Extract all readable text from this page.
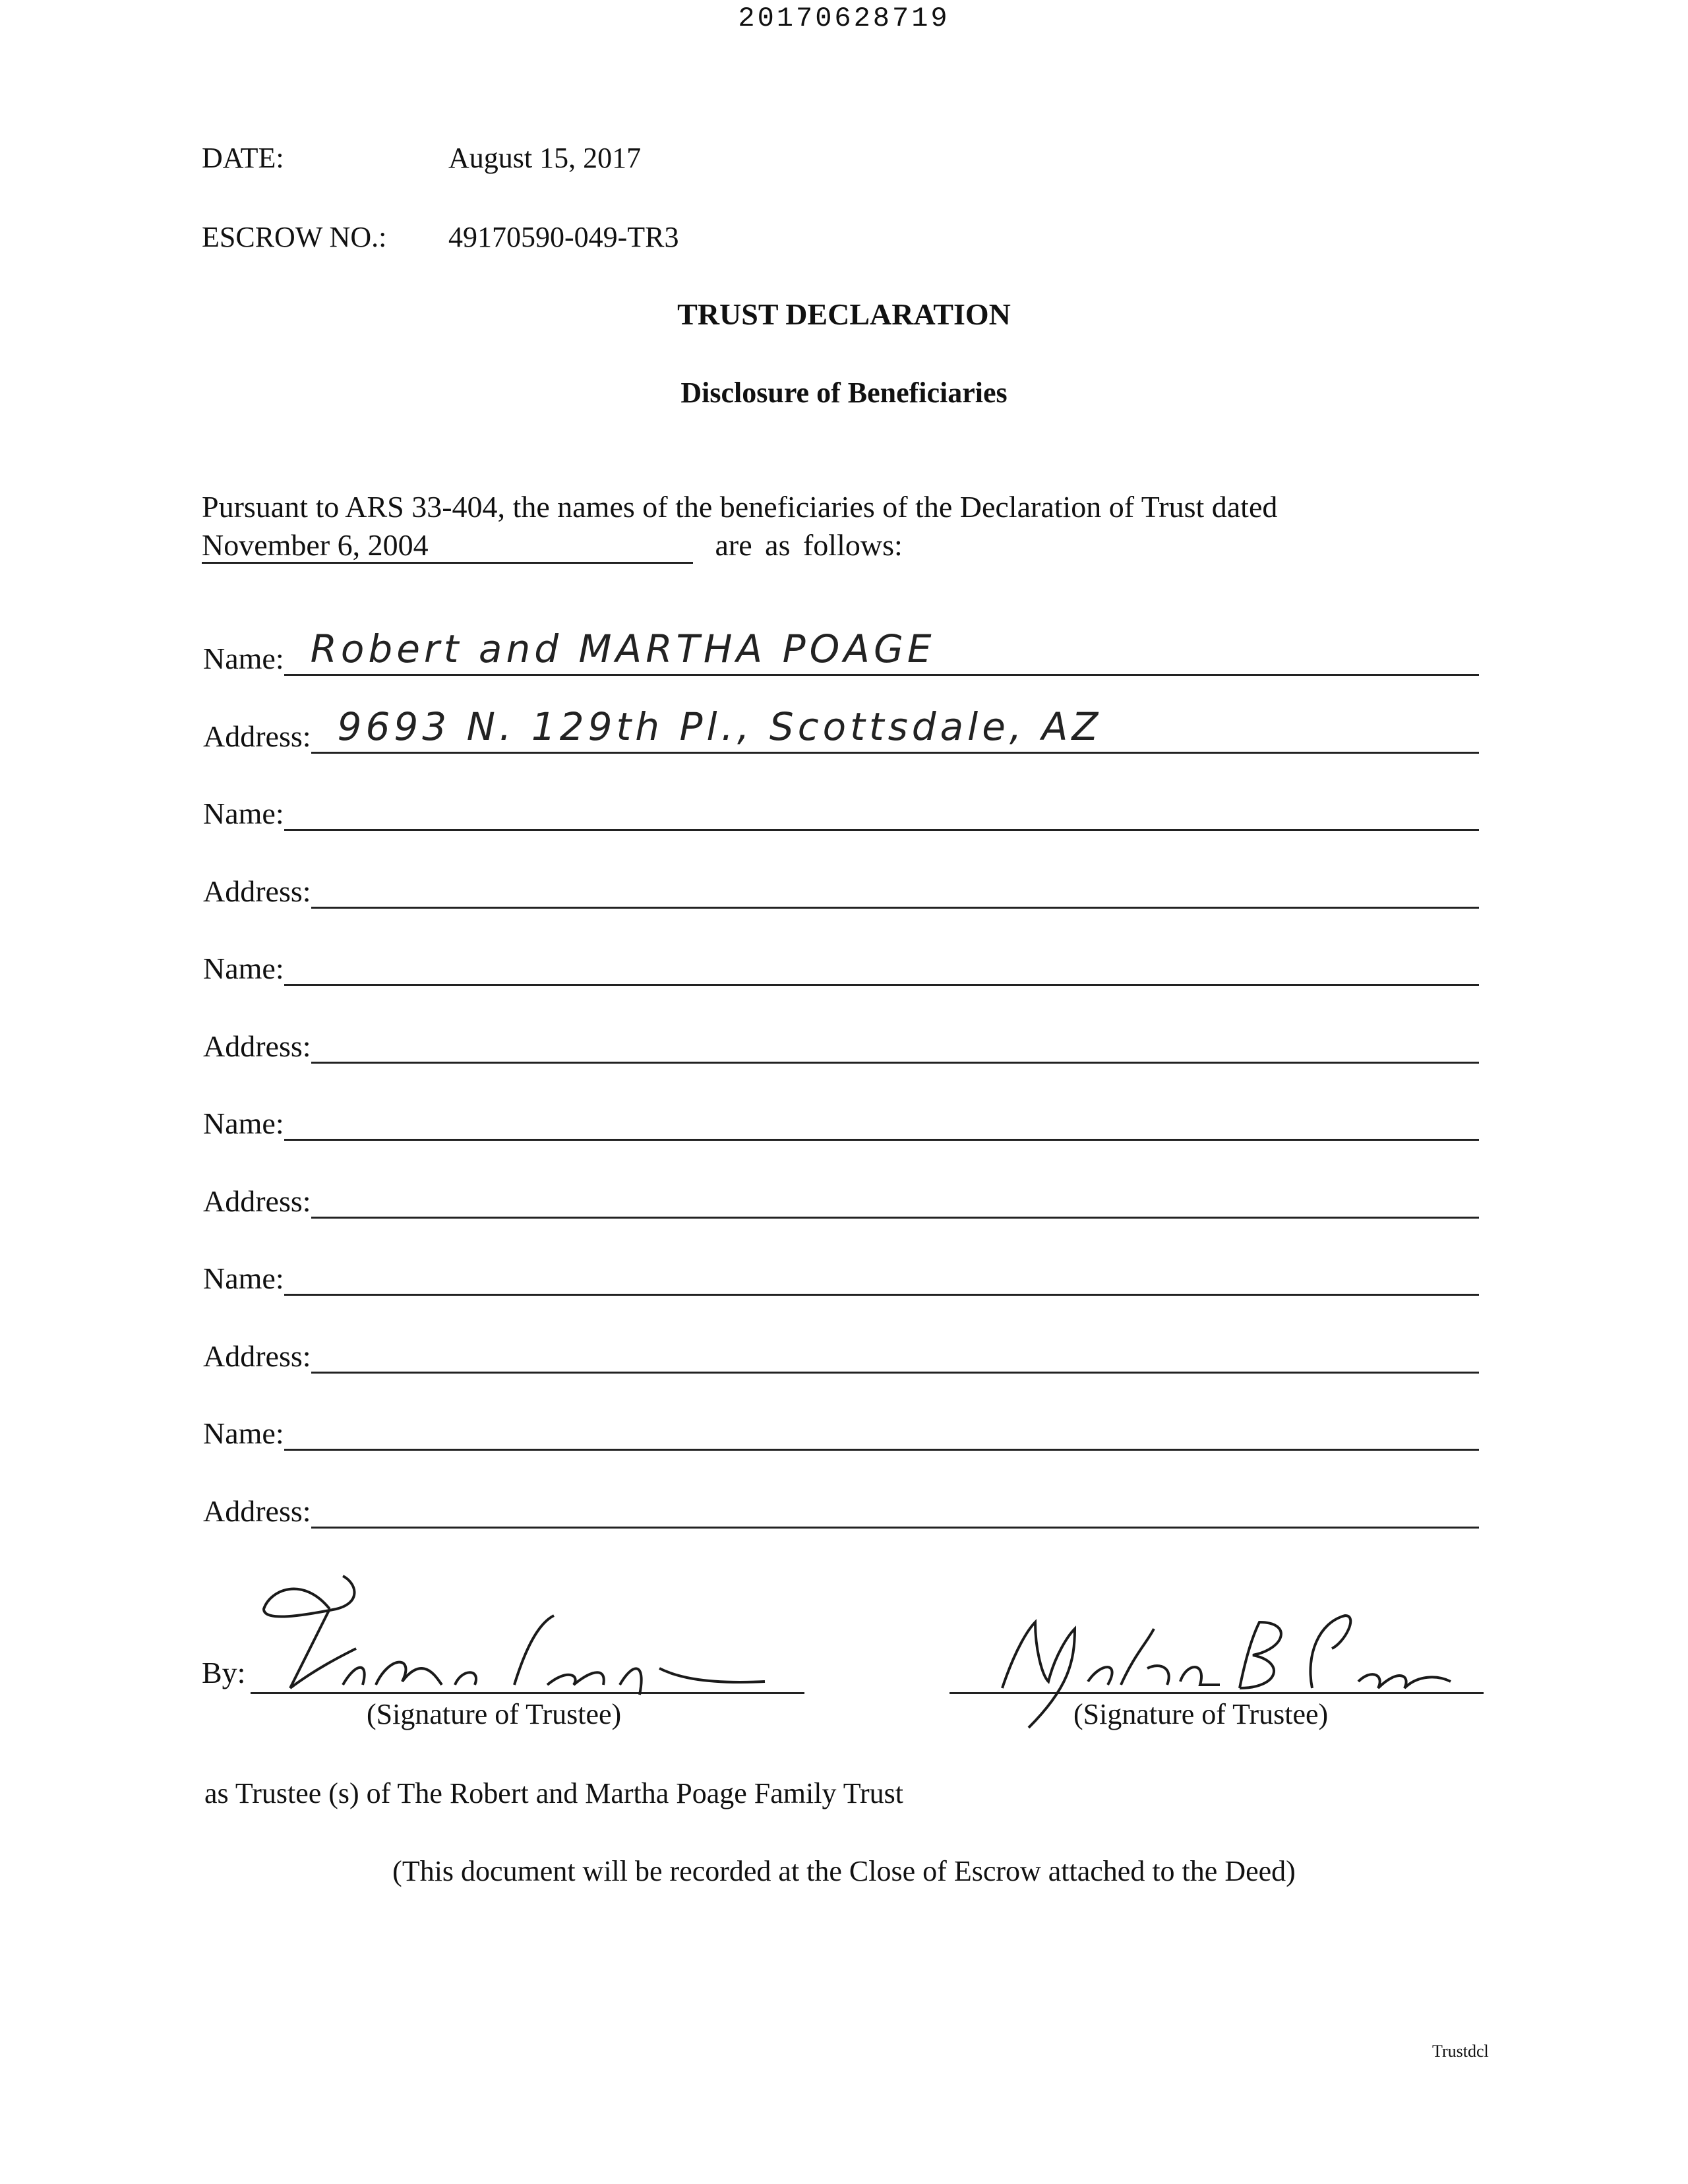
20170628719
DATE:	August 15, 2017
ESCROW NO.: 49170590-049-TR3
TRUST DECLARATION
Disclosure of Beneficiaries
Pursuant to ARS 33-404, the names of the beneficiaries of the Declaration of Trust dated
November 6, 2004	are as follows:
Name: Robert and MARTHA POAGE
Address: 9693 N. 129th Pl., Scottsdale, AZ
Name:
Address:
Name:
Address:
Name:
Address:
Name:
Address:
Name:
Address:
By:
(Signature of Trustee)	(Signature of Trustee)
as Trustee (s) of The Robert and Martha Poage Family Trust
(This document will be recorded at the Close of Escrow attached to the Deed)
Trustdcl
